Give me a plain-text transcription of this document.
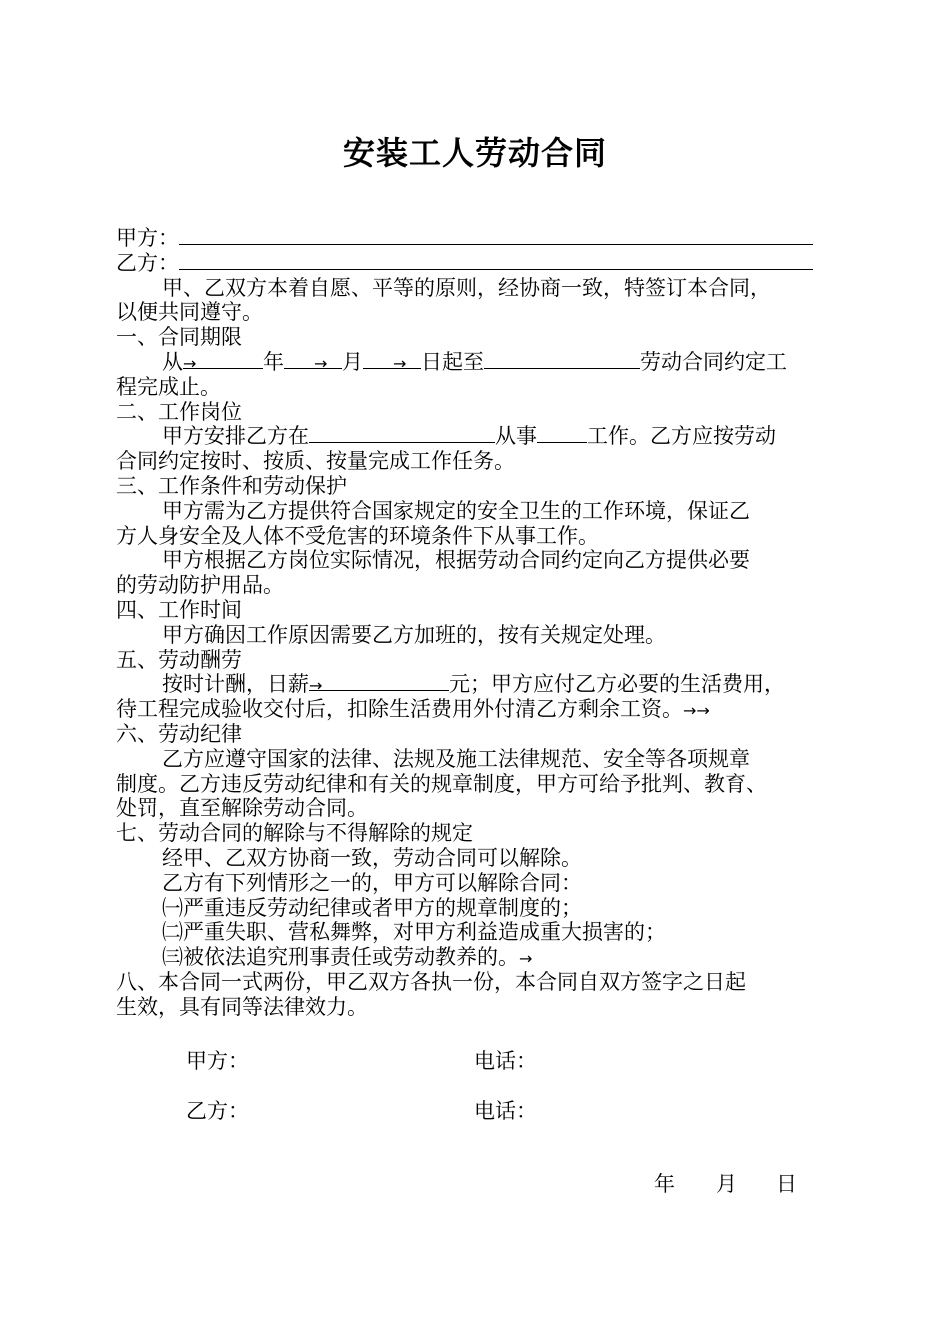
安装工人劳动合同
甲方：
乙方：
甲、乙双方本着自愿、平等的原则，经协商一致，特签订本合同，
以便共同遵守。
一、合同期限
从→	年 → 月 → 日起至	劳动合同约定工
程完成止。
二、工作岗位
甲方安排乙方在	从事 工作。乙方应按劳动
合同约定按时、按质、按量完成工作任务。
三、工作条件和劳动保护
甲方需为乙方提供符合国家规定的安全卫生的工作环境，保证乙
方人身安全及人体不受危害的环境条件下从事工作。
甲方根据乙方岗位实际情况，根据劳动合同约定向乙方提供必要
的劳动防护用品。
四、工作时间
甲方确因工作原因需要乙方加班的，按有关规定处理。
五、劳动酬劳
按时计酬，日薪→	元；甲方应付乙方必要的生活费用，
待工程完成验收交付后，扣除生活费用外付清乙方剩余工资。→→
六、劳动纪律
乙方应遵守国家的法律、法规及施工法律规范、安全等各项规章
制度。乙方违反劳动纪律和有关的规章制度，甲方可给予批判、教育、
处罚，直至解除劳动合同。
七、劳动合同的解除与不得解除的规定
经甲、乙双方协商一致，劳动合同可以解除。
乙方有下列情形之一的，甲方可以解除合同：
㈠严重违反劳动纪律或者甲方的规章制度的；
㈡严重失职、营私舞弊，对甲方利益造成重大损害的；
㈢被依法追究刑事责任或劳动教养的。→
八、本合同一式两份，甲乙双方各执一份，本合同自双方签字之日起
生效，具有同等法律效力。
甲方：	电话：
乙方：	电话：
年 月 日
